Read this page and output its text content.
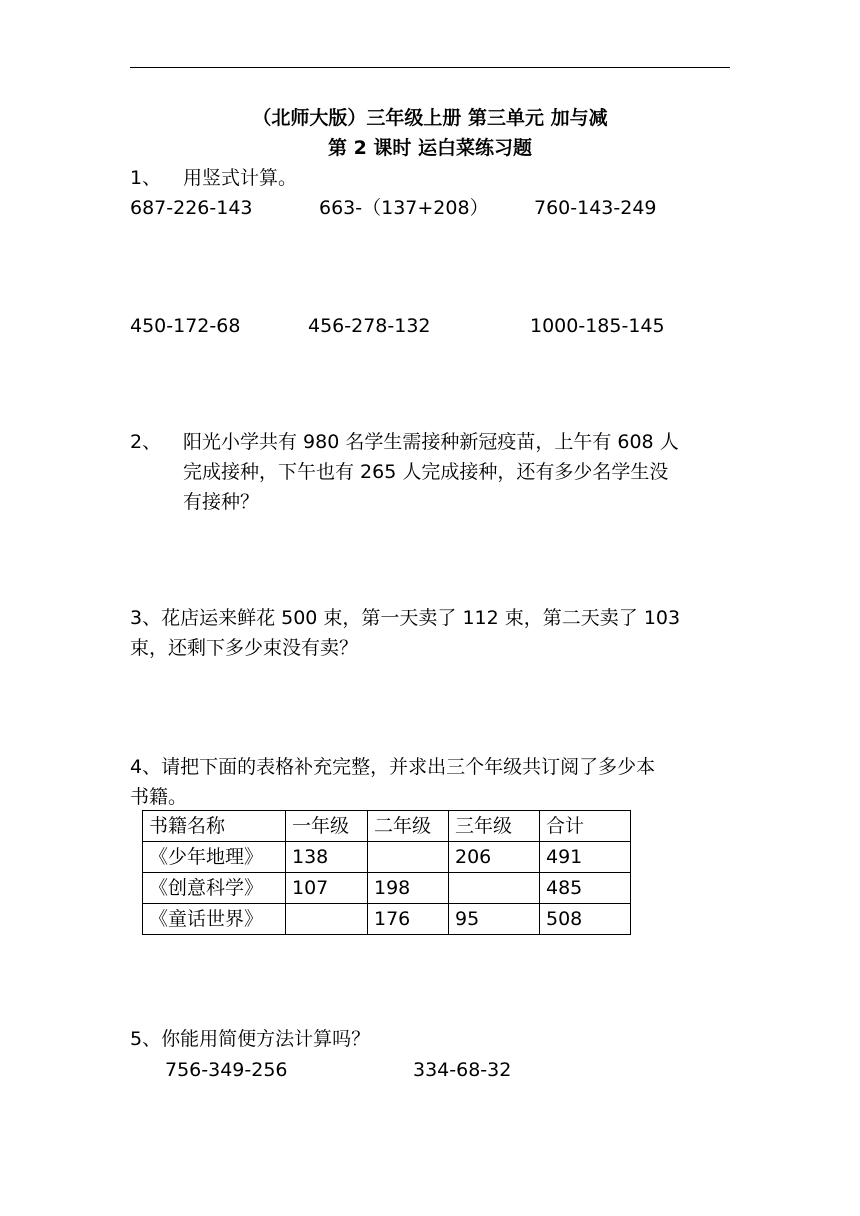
（北师大版）三年级上册 第三单元 加与减
第 2 课时 运白菜练习题
1、 用竖式计算。
687-226-143	663-（137+208） 760-143-249
450-172-68	456-278-132	1000-185-145
2、 阳光小学共有 980 名学生需接种新冠疫苗，上午有 608 人
完成接种，下午也有 265 人完成接种，还有多少名学生没
有接种？
3、花店运来鲜花 500 束，第一天卖了 112 束，第二天卖了 103
束，还剩下多少束没有卖？
4、请把下面的表格补充完整，并求出三个年级共订阅了多少本
书籍。
书籍名称	一年级	二年级	三年级	合计
《少年地理》	138		206	491
《创意科学》	107	198		485
《童话世界》		176	95	508
5、你能用简便方法计算吗？
756-349-256	334-68-32
